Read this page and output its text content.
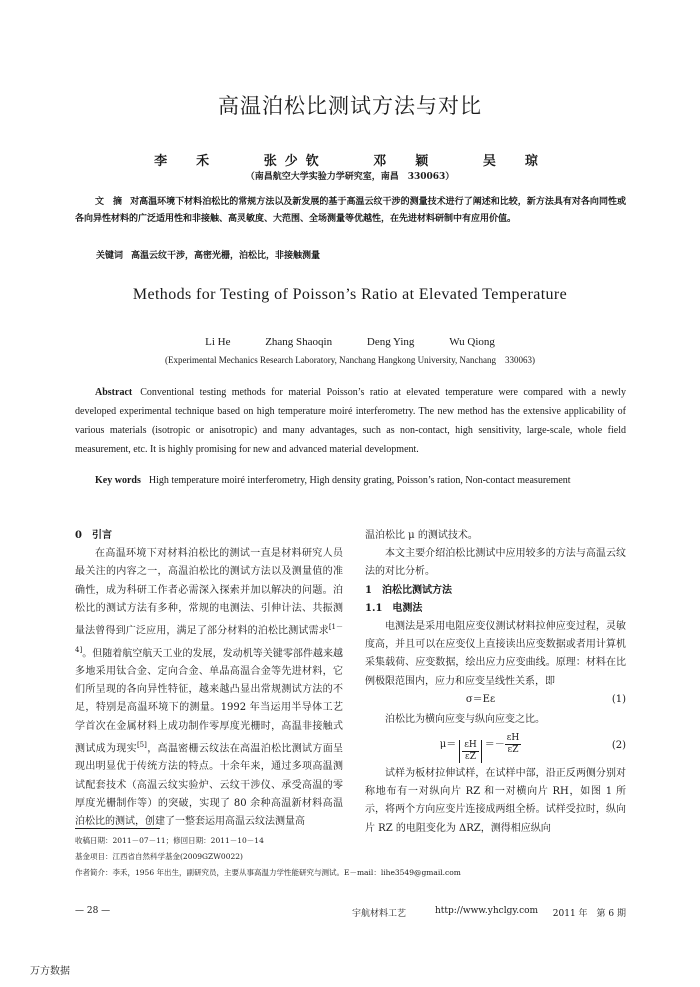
高温泊松比测试方法与对比
李　禾	张少钦	邓　颖	吴　琼
（南昌航空大学实验力学研究室，南昌　330063）
文　摘 对高温环境下材料泊松比的常规方法以及新发展的基于高温云纹干涉的测量技术进行了阐述和比较，新方法具有对各向同性或各向异性材料的广泛适用性和非接触、高灵敏度、大范围、全场测量等优越性，在先进材料研制中有应用价值。
关键词 高温云纹干涉，高密光栅，泊松比，非接触测量
Methods for Testing of Poisson’s Ratio at Elevated Temperature
Li He	Zhang Shaoqin	Deng Ying	Wu Qiong
(Experimental Mechanics Research Laboratory, Nanchang Hangkong University, Nanchang　330063)
Abstract Conventional testing methods for material Poisson’s ratio at elevated temperature were compared with a newly developed experimental technique based on high temperature moiré interferometry. The new method has the extensive applicability of various materials (isotropic or anisotropic) and many advantages, such as non-contact, high sensitivity, large-scale, whole field measurement, etc. It is highly promising for new and advanced material development.
Key words High temperature moiré interferometry, High density grating, Poisson’s ration, Non-contact measurement
0　引言

在高温环境下对材料泊松比的测试一直是材料研究人员最关注的内容之一，高温泊松比的测试方法以及测量值的准确性，成为科研工作者必需深入探索并加以解决的问题。泊松比的测试方法有多种，常规的电测法、引伸计法、共振测量法曾得到广泛应用，满足了部分材料的泊松比测试需求[1－4]。但随着航空航天工业的发展，发动机等关键零部件越来越多地采用钛合金、定向合金、单晶高温合金等先进材料，它们所呈现的各向异性特征，越来越凸显出常规测试方法的不足，特别是高温环境下的测量。1992 年当运用半导体工艺学首次在金属材料上成功制作零厚度光栅时，高温非接触式测试成为现实[5]，高温密栅云纹法在高温泊松比测试方面呈现出明显优于传统方法的特点。十余年来，通过多项高温测试配套技术（高温云纹实验炉、云纹干涉仪、承受高温的零厚度光栅制作等）的突破，实现了 80 余种高温新材料高温泊松比的测试，创建了一整套运用高温云纹法测量高

温泊松比 μ 的测试技术。

本文主要介绍泊松比测试中应用较多的方法与高温云纹法的对比分析。

1　泊松比测试方法
1.1　电测法

电测法是采用电阻应变仪测试材料拉伸应变过程，灵敏度高，并且可以在应变仪上直接读出应变数据或者用计算机采集载荷、应变数据，绘出应力应变曲线。原理：材料在比例极限范围内，应力和应变呈线性关系，即

σ＝Eε	(1)

泊松比为横向应变与纵向应变之比。

$\mu= \frac{\varepsilon H}{\varepsilon Z} =- \frac{\varepsilon H}{\varepsilon Z}$	(2)

试样为板材拉伸试样，在试样中部，沿正反两侧分别对称地布有一对纵向片 RZ 和一对横向片 RH，如图 1 所示，将两个方向应变片连接成两组全桥。试样受拉时，纵向片 RZ 的电阻变化为 ΔRZ，测得相应纵向

收稿日期：2011－07－11；修回日期：2011－10－14
基金项目：江西省自然科学基金(2009GZW0022)
作者简介：李禾，1956 年出生，副研究员，主要从事高温力学性能研究与测试。E－mail：lihe3549@gmail.com
— 28 —	宇航材料工艺	http://www.yhclgy.com 2011 年　第 6 期
万方数据
